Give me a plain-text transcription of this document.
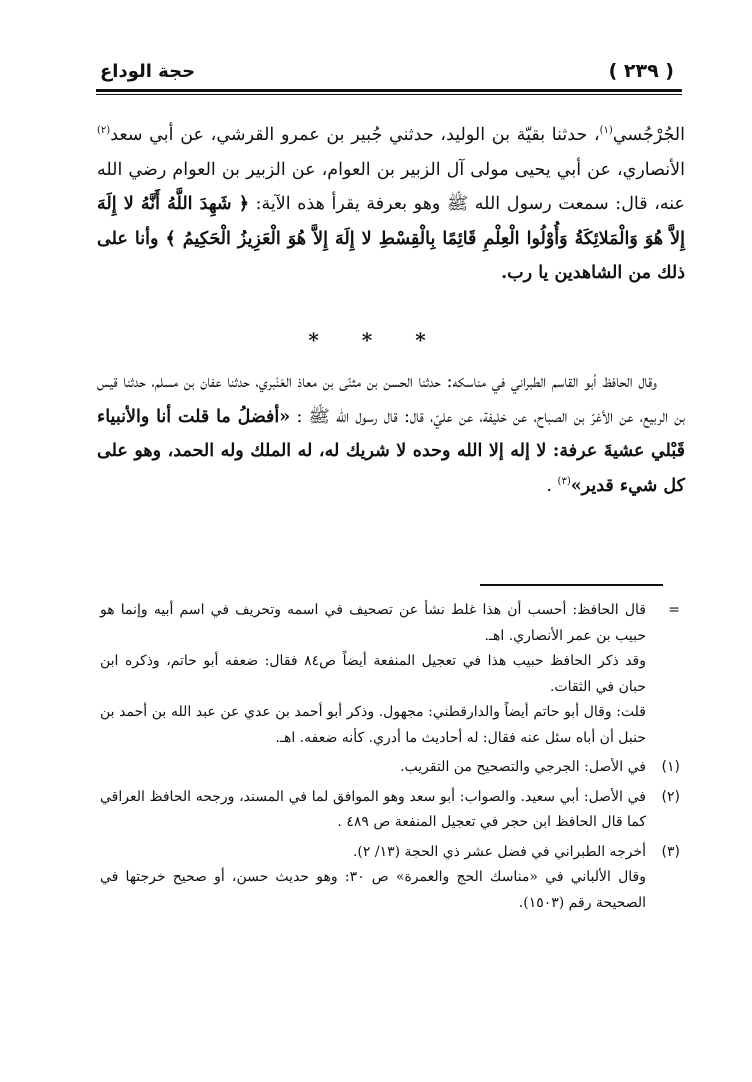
حجة الوداع	( ٢٣٩ )

الجُرْجُسي$^{(١)}$، حدثنا بقيّة بن الوليد، حدثني جُبير بن عمرو القرشي، عن أبي سعد$^{(٢)}$ الأنصاري، عن أبي يحيى مولى آل الزبير بن العوام، عن الزبير بن العوام رضي الله عنه، قال: سمعت رسول الله ﷺ وهو بعرفة يقرأ هذه الآية: ﴿ شَهِدَ اللَّهُ أَنَّهُ لا إِلَهَ إِلاَّ هُوَ وَالْمَلائِكَةُ وَأُوْلُوا الْعِلْمِ قَائِمًا بِالْقِسْطِ لا إِلَهَ إِلاَّ هُوَ الْعَزِيزُ الْحَكِيمُ ﴾ وأنا على ذلك من الشاهدين يا رب.

* * *

وقال الحافظ أبو القاسم الطبراني في مناسكه: حدثنا الحسن بن مثنّى بن معاذ العَنْبري، حدثنا عفان بن مسلم، حدثنا قيس بن الربيع، عن الأغرّ بن الصباح، عن خليفة، عن عليّ، قال: قال رسول الله ﷺ : «أفضلُ ما قلت أنا والأنبياء قَبْلي عشيةَ عرفة: لا إله إلا الله وحده لا شريك له، له الملك وله الحمد، وهو على كل شيء قدير»$^{(٣)}$ .

=
قال الحافظ: أحسب أن هذا غلط نشأ عن تصحيف في اسمه وتحريف في اسم أبيه وإنما هو حبيب بن عمر الأنصاري. اهـ.
وقد ذكر الحافظ حبيب هذا في تعجيل المنفعة أيضاً ص٨٤ فقال: ضعفه أبو حاتم، وذكره ابن حبان في الثقات.
قلت: وقال أبو حاتم أيضاً والدارقطني: مجهول. وذكر أبو أحمد بن عدي عن عبد الله بن أحمد بن حنبل أن أباه سئل عنه فقال: له أحاديث ما أدري. كأنه ضعفه. اهـ.
(١)
في الأصل: الجرجي والتصحيح من التقريب.
(٢)
في الأصل: أبي سعيد. والصواب: أبو سعد وهو الموافق لما في المسند، ورجحه الحافظ العراقي كما قال الحافظ ابن حجر في تعجيل المنفعة ص ٤٨٩ .
(٣)
أخرجه الطبراني في فضل عشر ذي الحجة (١٣/ ٢).
وقال الألباني في «مناسك الحج والعمرة» ص ٣٠: وهو حديث حسن، أو صحيح خرجتها في الصحيحة رقم (١٥٠٣).
